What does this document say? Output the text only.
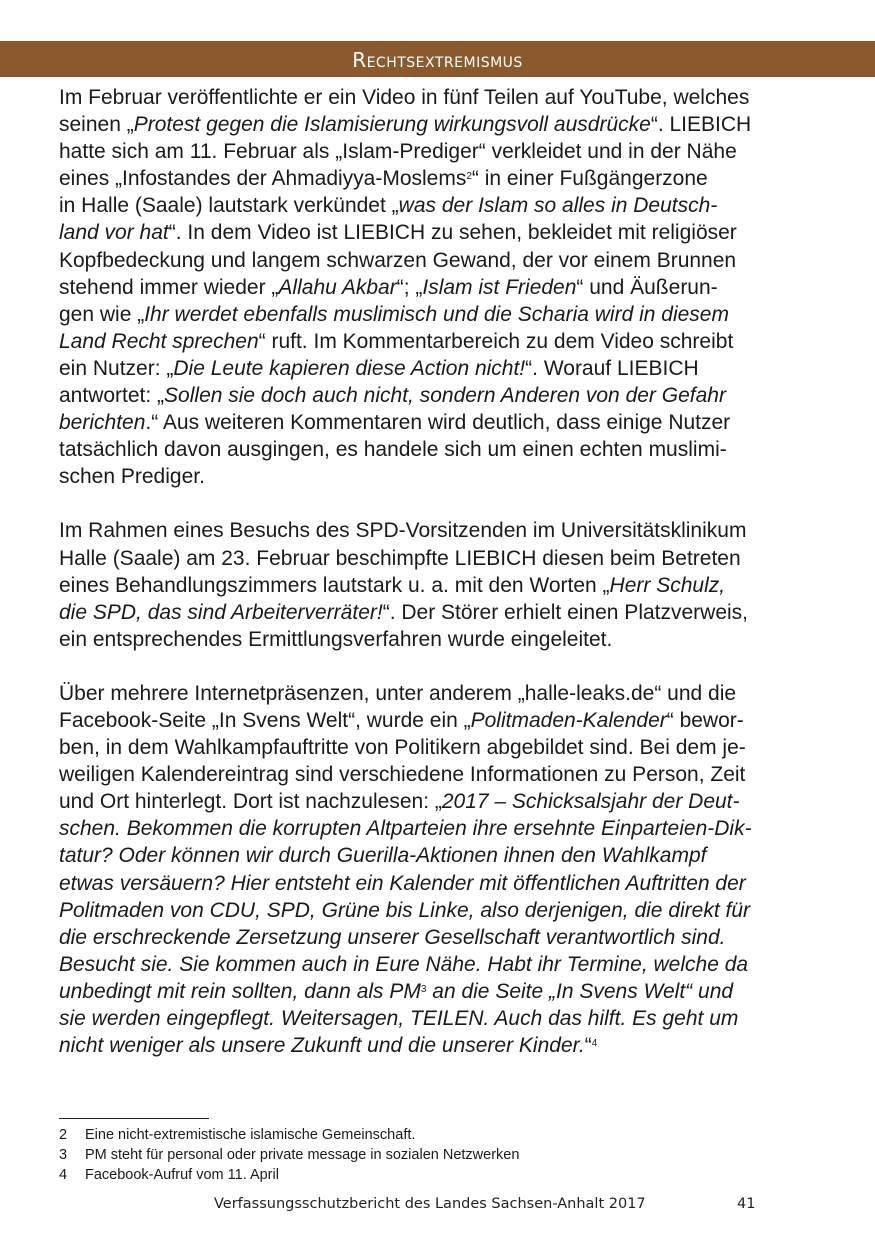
Rechtsextremismus
Im Februar veröffentlichte er ein Video in fünf Teilen auf YouTube, welches
seinen „Protest gegen die Islamisierung wirkungsvoll ausdrücke“. LIEBICH
hatte sich am 11. Februar als „Islam-Prediger“ verkleidet und in der Nähe
eines „Infostandes der Ahmadiyya-Moslems$^2$“ in einer Fußgängerzone
in Halle (Saale) lautstark verkündet „was der Islam so alles in Deutsch-
land vor hat“. In dem Video ist LIEBICH zu sehen, bekleidet mit religiöser
Kopfbedeckung und langem schwarzen Gewand, der vor einem Brunnen
stehend immer wieder „Allahu Akbar“; „Islam ist Frieden“ und Äußerun-
gen wie „Ihr werdet ebenfalls muslimisch und die Scharia wird in diesem
Land Recht sprechen“ ruft. Im Kommentarbereich zu dem Video schreibt
ein Nutzer: „Die Leute kapieren diese Action nicht!“. Worauf LIEBICH
antwortet: „Sollen sie doch auch nicht, sondern Anderen von der Gefahr
berichten.“ Aus weiteren Kommentaren wird deutlich, dass einige Nutzer
tatsächlich davon ausgingen, es handele sich um einen echten muslimi-
schen Prediger.
Im Rahmen eines Besuchs des SPD-Vorsitzenden im Universitätsklinikum
Halle (Saale) am 23. Februar beschimpfte LIEBICH diesen beim Betreten
eines Behandlungszimmers lautstark u. a. mit den Worten „Herr Schulz,
die SPD, das sind Arbeiterverräter!“. Der Störer erhielt einen Platzverweis,
ein entsprechendes Ermittlungsverfahren wurde eingeleitet.
Über mehrere Internetpräsenzen, unter anderem „halle-leaks.de“ und die
Facebook-Seite „In Svens Welt“, wurde ein „Politmaden-Kalender“ bewor-
ben, in dem Wahlkampfauftritte von Politikern abgebildet sind. Bei dem je-
weiligen Kalendereintrag sind verschiedene Informationen zu Person, Zeit
und Ort hinterlegt. Dort ist nachzulesen: „2017 – Schicksalsjahr der Deut-
schen. Bekommen die korrupten Altparteien ihre ersehnte Einparteien-Dik-
tatur? Oder können wir durch Guerilla-Aktionen ihnen den Wahlkampf
etwas versäuern? Hier entsteht ein Kalender mit öffentlichen Auftritten der
Politmaden von CDU, SPD, Grüne bis Linke, also derjenigen, die direkt für
die erschreckende Zersetzung unserer Gesellschaft verantwortlich sind.
Besucht sie. Sie kommen auch in Eure Nähe. Habt ihr Termine, welche da
unbedingt mit rein sollten, dann als $PM^3$ an die Seite „In Svens Welt“ und
sie werden eingepflegt. Weitersagen, TEILEN. Auch das hilft. Es geht um
nicht weniger als unsere Zukunft und die unserer Kinder.“$^4$
2 Eine nicht-extremistische islamische Gemeinschaft.
3 PM steht für personal oder private message in sozialen Netzwerken
4 Facebook-Aufruf vom 11. April
Verfassungsschutzbericht des Landes Sachsen-Anhalt 2017	41
